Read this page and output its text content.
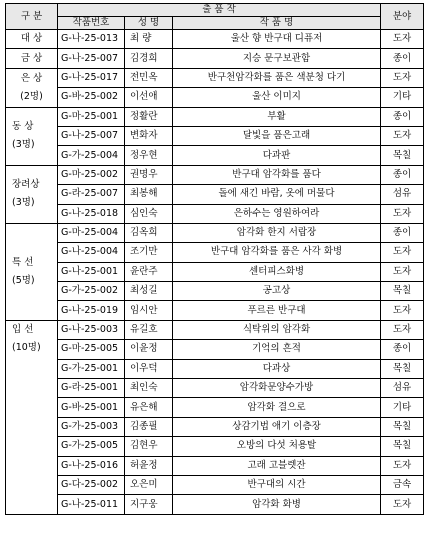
구 분	출 품 작			분야
	작품번호	성 명	작 품 명	
대 상	G-나-25-013	최 량	울산 향 반구대 디퓨저	도자
금 상	G-나-25-007	김경희	지승 문구보관함	종이

은 상
(2명)	G-나-25-017	전민옥	반구천암각화를 품은 색분청 다기	도자
	G-바-25-002	이선애	울산 이미지	기타

동 상
(3명)	G-마-25-001	정활란	부활	종이
	G-나-25-007	변화자	달빛을 품은고래	도자
	G-가-25-004	정우현	다과판	목칠

장려상
(3명)	G-마-25-002	권명우	반구대 암각화를 품다	종이
	G-라-25-007	최봉해	돌에 새긴 바람, 옷에 머물다	섬유
	G-나-25-018	심인숙	은하수는 영원하여라	도자

특 선
(5명)	G-마-25-004	김옥희	암각화 한지 서랍장	종이
	G-나-25-004	조기만	반구대 암각화를 품은 사각 화병	도자
	G-나-25-001	윤란주	센터피스화병	도자
	G-가-25-002	최성길	공고상	목칠
	G-나-25-019	임시안	푸르른 반구대	도자

입 선
(10명)	G-나-25-003	유길호	식탁위의 암각화	도자
	G-마-25-005	이윤정	기억의 흔적	종이
	G-가-25-001	이우덕	다과상	목칠
	G-라-25-001	최인숙	암각화문양수가방	섬유
	G-바-25-001	유은해	암각화 결으로	기타
	G-가-25-003	김종필	상감기법 애기 이층장	목칠
	G-가-25-005	김현우	오방의 다섯 처용탈	목칠
	G-나-25-016	허윤정	고래 고블렛잔	도자
	G-다-25-002	오은미	반구대의 시간	금속
	G-나-25-011	지구웅	암각화 화병	도자
